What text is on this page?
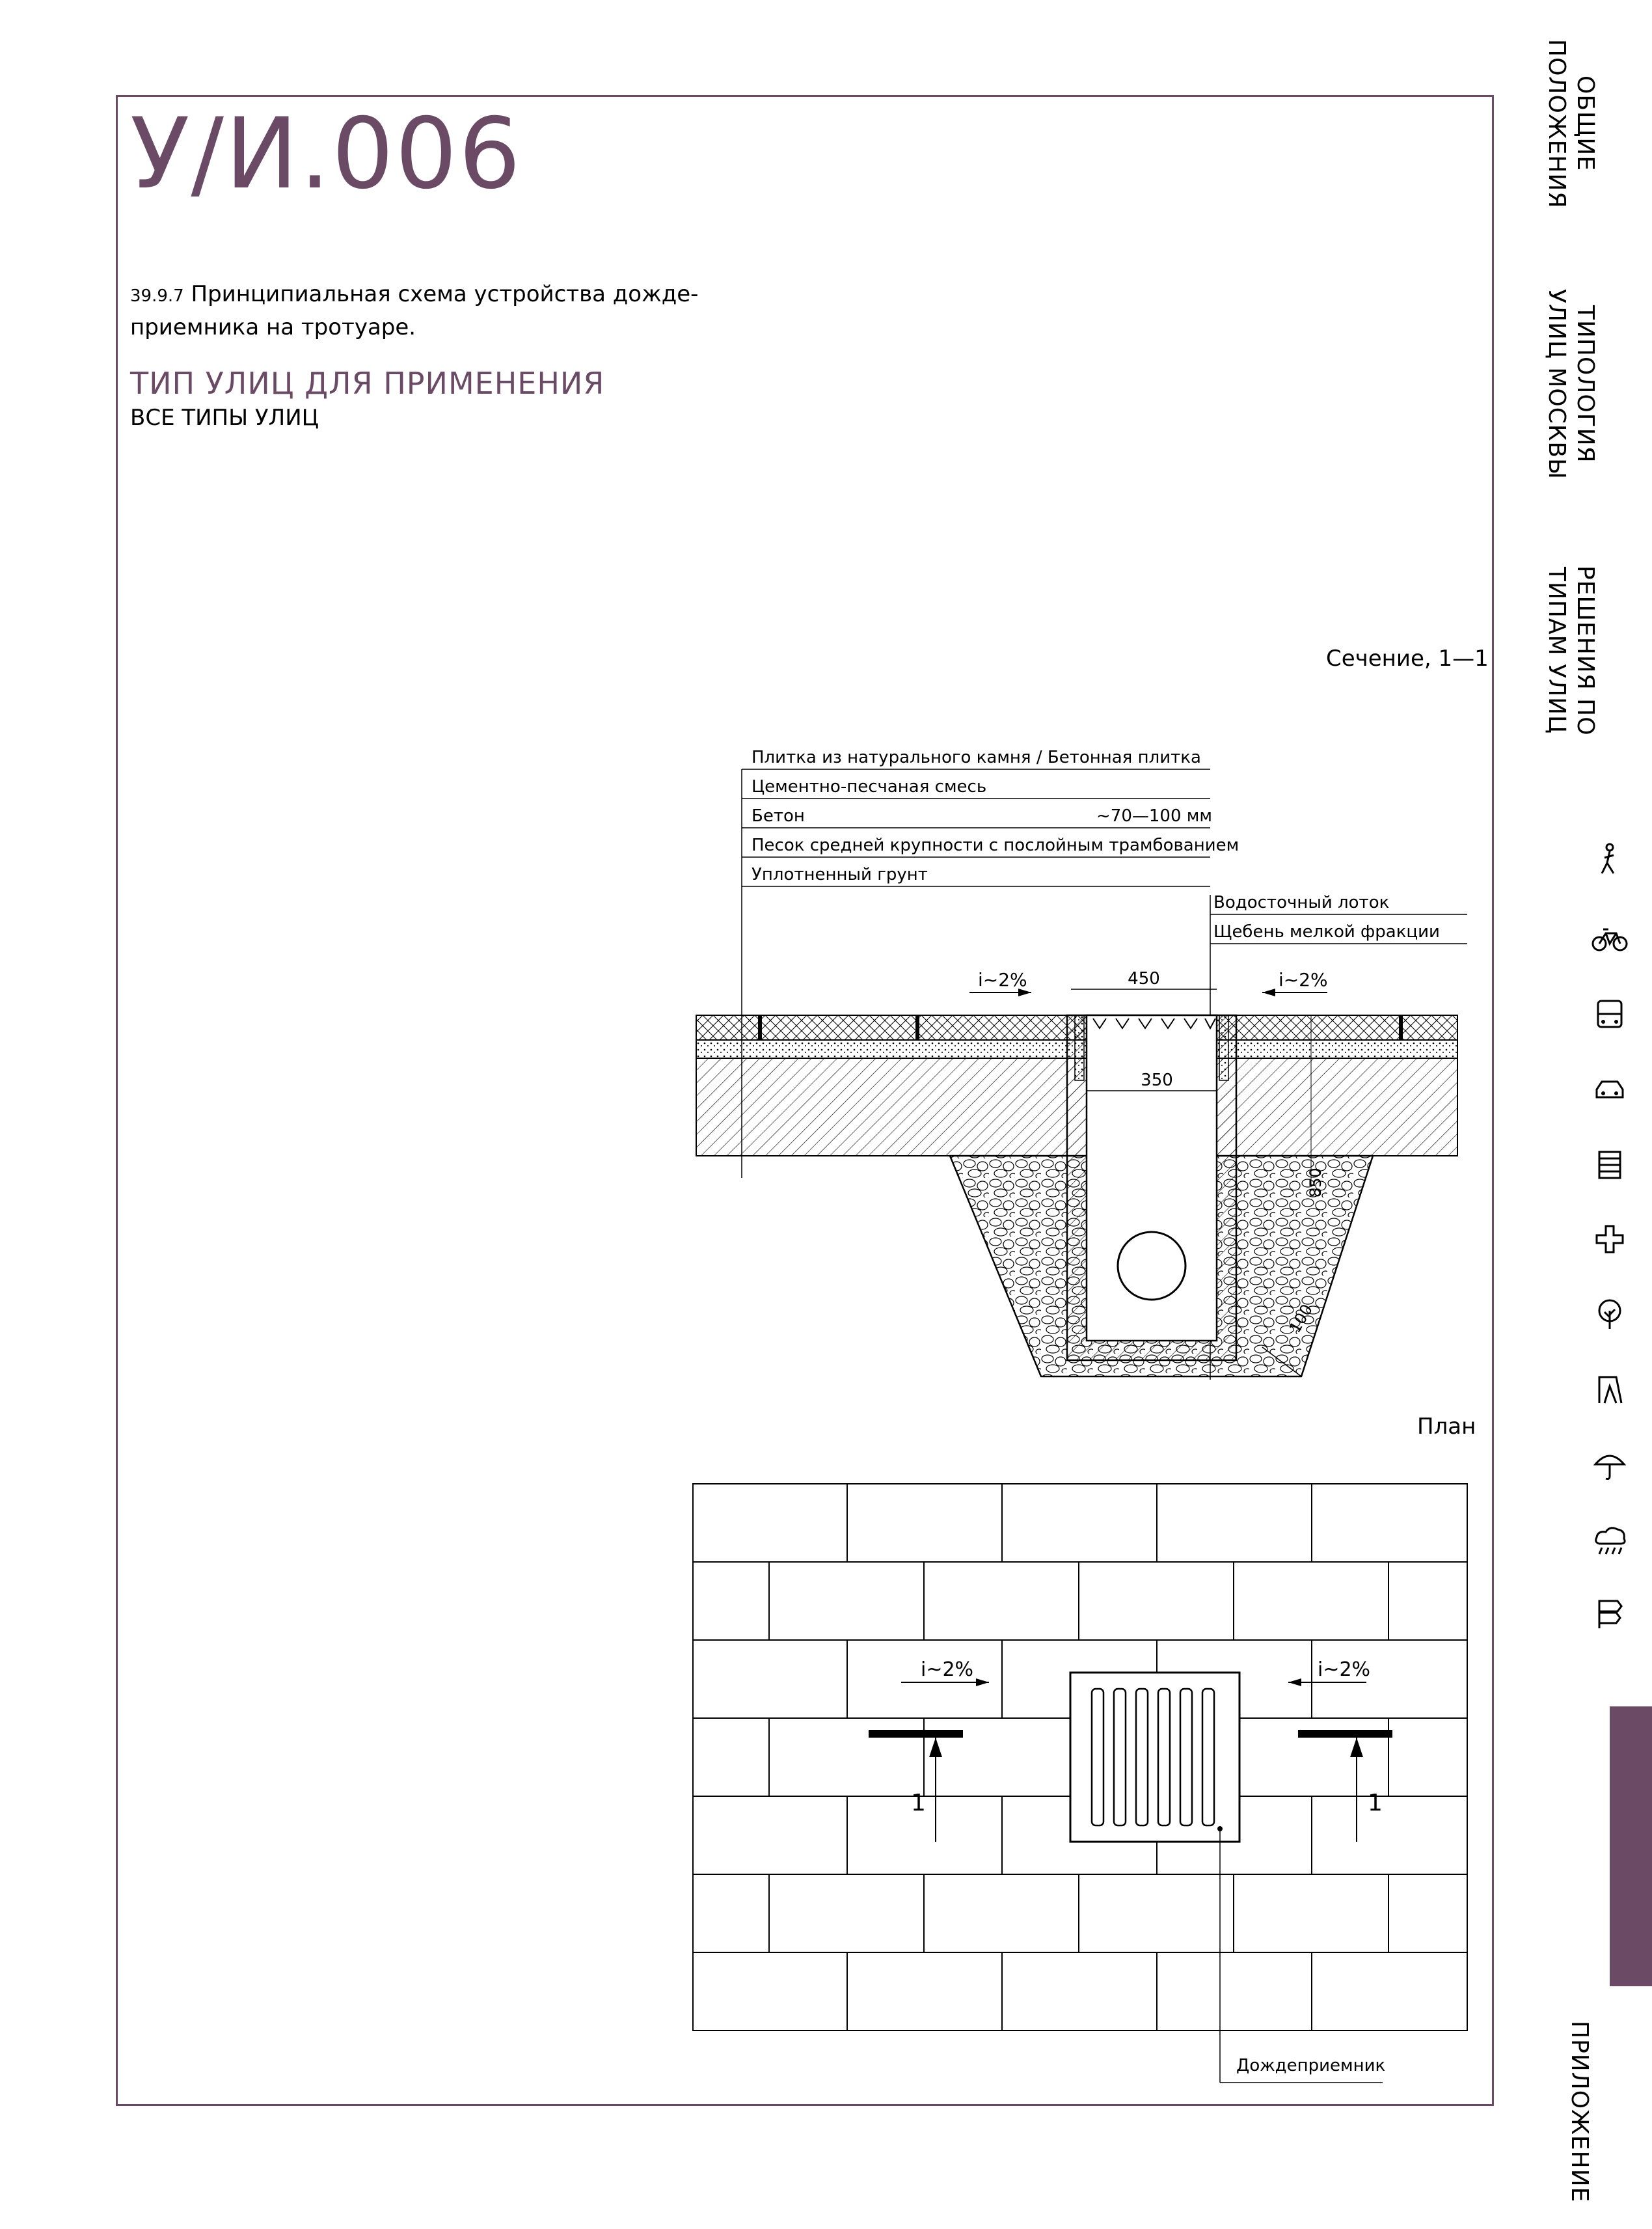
У/И.006
39.9.7 Принципиальная схема устройства дожде- приемника на тротуаре.
ТИП УЛИЦ ДЛЯ ПРИМЕНЕНИЯ
ВСЕ ТИПЫ УЛИЦ
Сечение, 1—1
План
Плитка из натурального камня / Бетонная плитка
Цементно-песчаная смесь
Бетон	~70—100 мм
Песок средней крупности с послойным трамбованием
Уплотненный грунт
Водосточный лоток
Щебень мелкой фракции
i~2%	i~2%
450
350
850
100
i~2%	i~2%
1	1
Дождеприемник
ОБЩИЕ ПОЛОЖЕНИЯ
ТИПОЛОГИЯ УЛИЦ МОСКВЫ
РЕШЕНИЯ ПО ТИПАМ УЛИЦ
ДЕТАЛИ И УЗЛЫ
ПРИЛОЖЕНИЕ
